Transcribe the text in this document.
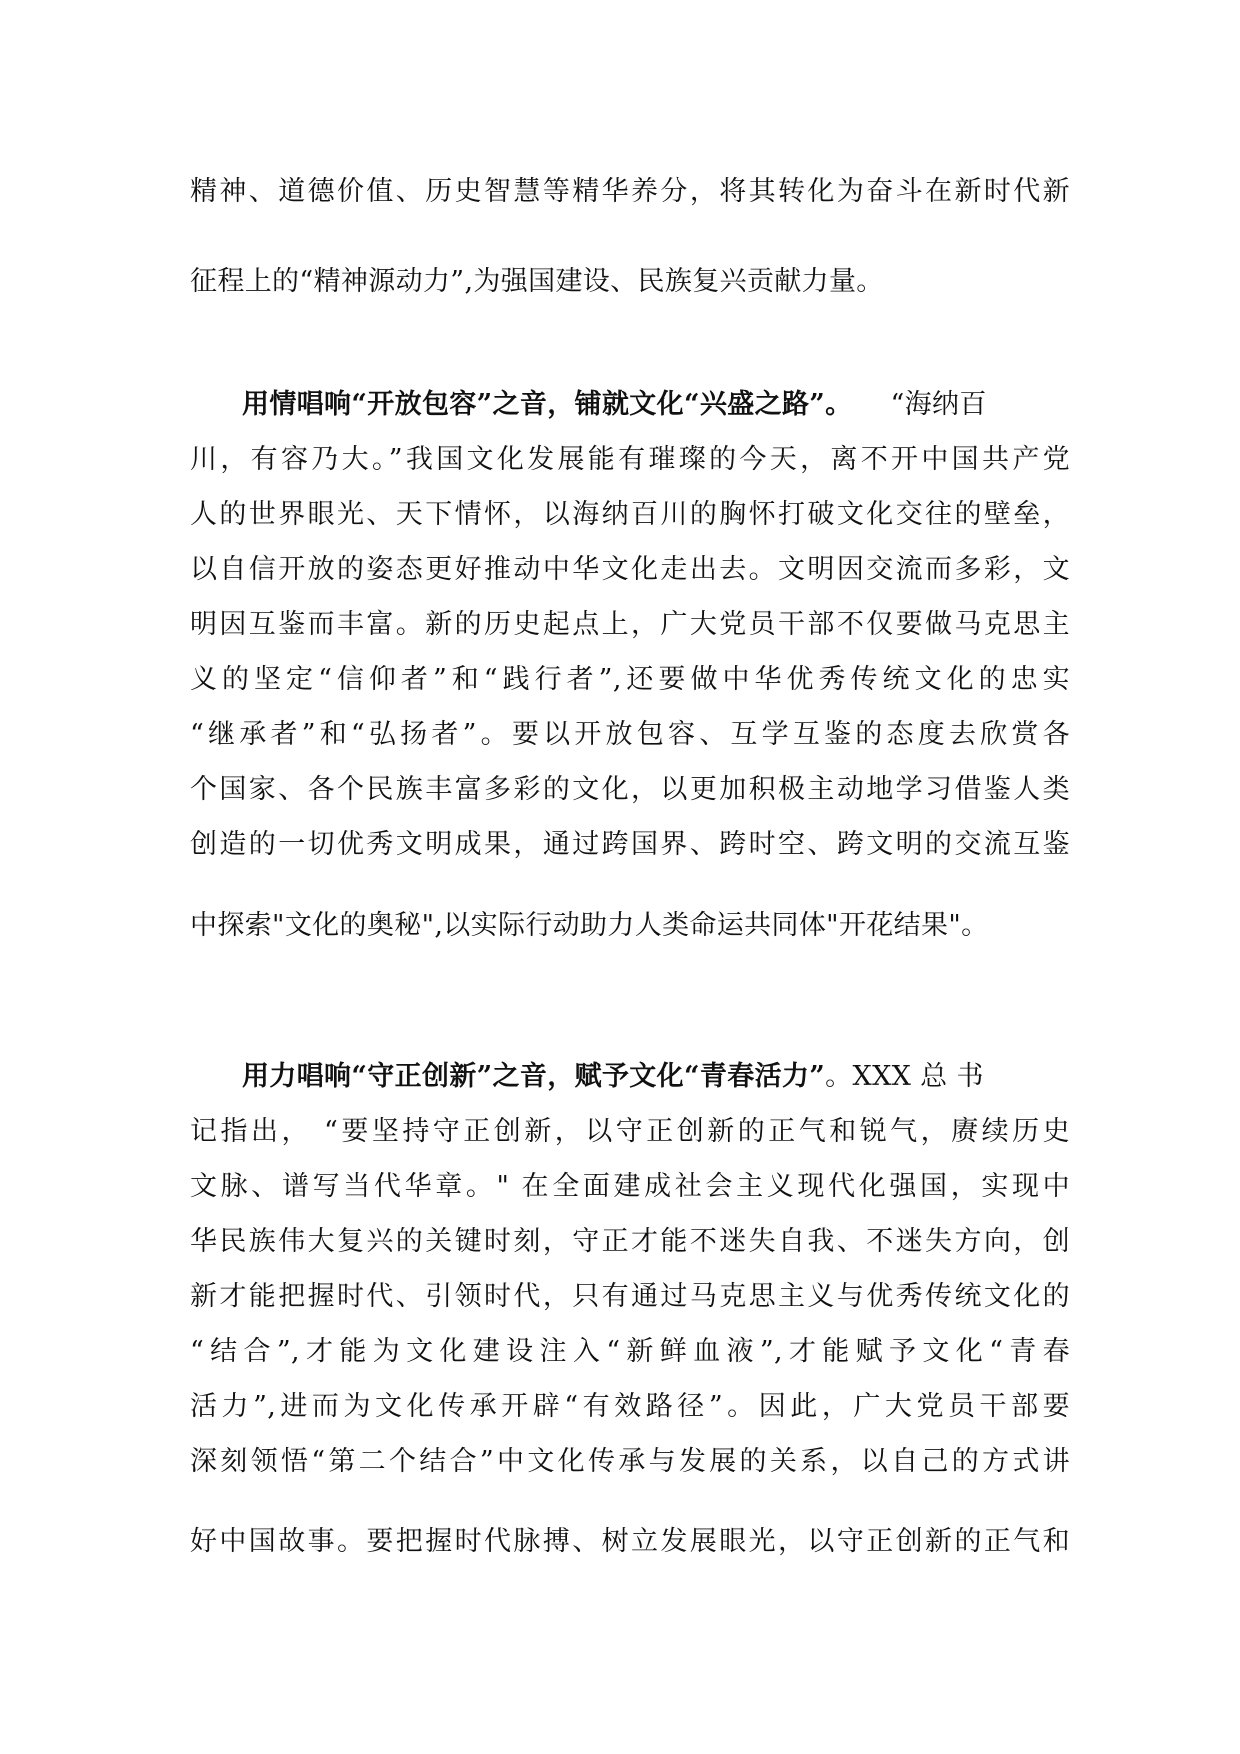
精神、道德价值、历史智慧等精华养分，将其转化为奋斗在新时代新
征程上的“精神源动力”,为强国建设、民族复兴贡献力量。
用情唱响“开放包容”之音，铺就文化“兴盛之路”。 “海纳百
川，有容乃大。”我国文化发展能有璀璨的今天，离不开中国共产党
人的世界眼光、天下情怀，以海纳百川的胸怀打破文化交往的壁垒，
以自信开放的姿态更好推动中华文化走出去。文明因交流而多彩，文
明因互鉴而丰富。新的历史起点上，广大党员干部不仅要做马克思主
义的坚定“信仰者”和“践行者”,还要做中华优秀传统文化的忠实
“继承者”和“弘扬者”。要以开放包容、互学互鉴的态度去欣赏各
个国家、各个民族丰富多彩的文化，以更加积极主动地学习借鉴人类
创造的一切优秀文明成果，通过跨国界、跨时空、跨文明的交流互鉴
中探索"文化的奥秘",以实际行动助力人类命运共同体"开花结果"。
用力唱响“守正创新”之音，赋予文化“青春活力”。XXX 总 书
记指出， “要坚持守正创新，以守正创新的正气和锐气，赓续历史
文脉、谱写当代华章。" 在全面建成社会主义现代化强国，实现中
华民族伟大复兴的关键时刻，守正才能不迷失自我、不迷失方向，创
新才能把握时代、引领时代，只有通过马克思主义与优秀传统文化的
“结合”,才能为文化建设注入“新鲜血液”,才能赋予文化“青春
活力”,进而为文化传承开辟“有效路径”。因此，广大党员干部要
深刻领悟“第二个结合”中文化传承与发展的关系，以自己的方式讲
好中国故事。要把握时代脉搏、树立发展眼光，以守正创新的正气和
